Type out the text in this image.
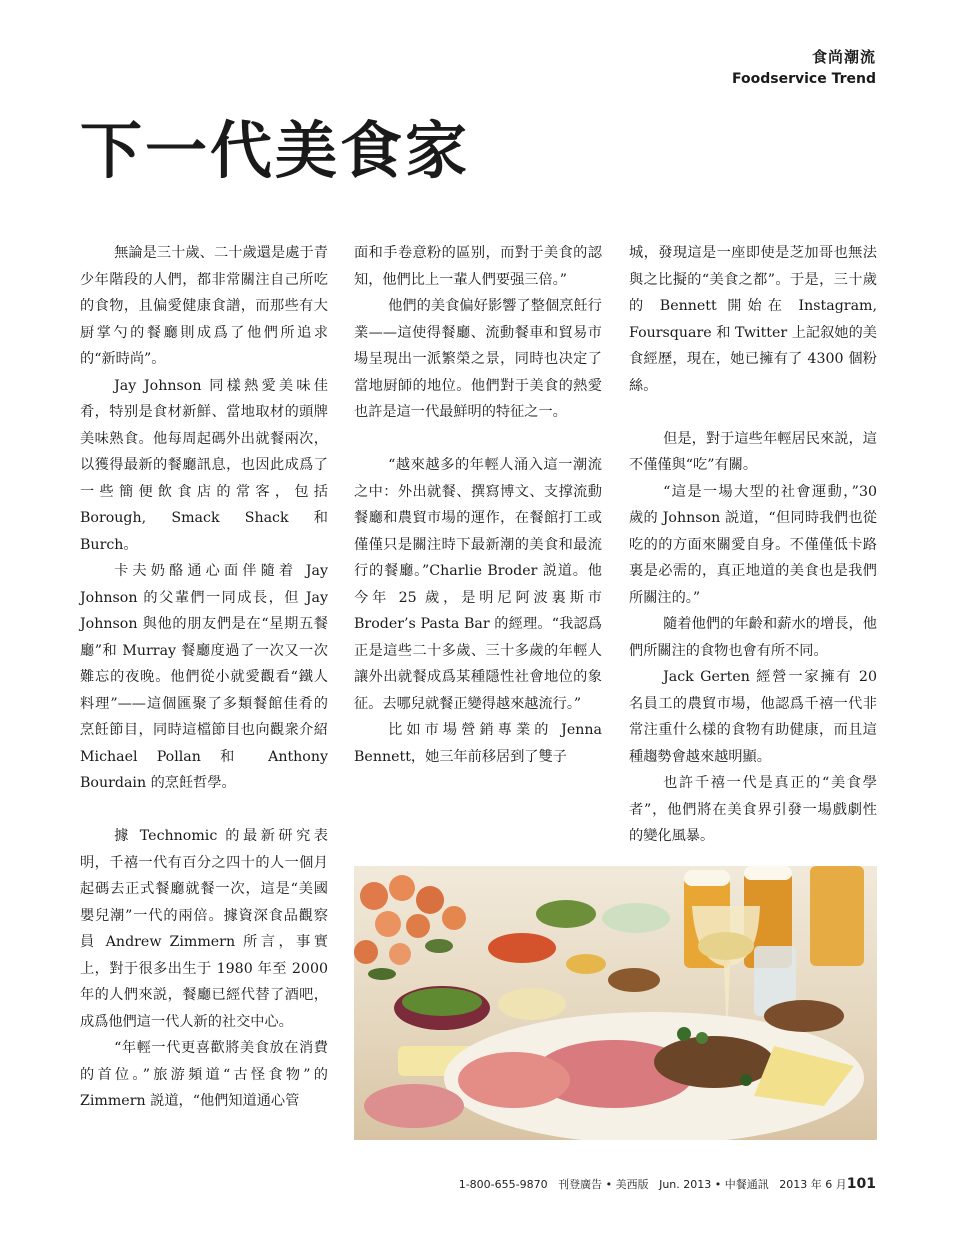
食尚潮流
Foodservice Trend
下一代美食家

無論是三十歲、二十歲還是處于青少年階段的人們，都非常關注自己所吃的食物，且偏愛健康食譜，而那些有大厨掌勺的餐廳則成爲了他們所追求的“新時尚”。

Jay Johnson 同樣熱愛美味佳肴，特别是食材新鮮、當地取材的頭牌美味熟食。他每周起碼外出就餐兩次，以獲得最新的餐廳訊息，也因此成爲了一些簡便飲食店的常客，包括 Borough, Smack Shack 和 Burch。

卡夫奶酪通心面伴隨着 Jay Johnson 的父輩們一同成長，但 Jay Johnson 與他的朋友們是在“星期五餐廳”和 Murray 餐廳度過了一次又一次難忘的夜晚。他們從小就愛觀看“鐵人料理”——這個匯聚了多類餐館佳肴的烹飪節目，同時這檔節目也向觀衆介紹 Michael Pollan 和 Anthony Bourdain 的烹飪哲學。

據 Technomic 的最新研究表明，千禧一代有百分之四十的人一個月起碼去正式餐廳就餐一次，這是“美國嬰兒潮”一代的兩倍。據資深食品觀察員 Andrew Zimmern 所言，事實上，對于很多出生于 1980 年至 2000 年的人們來説，餐廳已經代替了酒吧，成爲他們這一代人新的社交中心。

“年輕一代更喜歡將美食放在消費的首位。”旅游頻道“古怪食物”的 Zimmern 説道，“他們知道通心管

面和手卷意粉的區别，而對于美食的認知，他們比上一輩人們要强三倍。”

他們的美食偏好影響了整個烹飪行業——這使得餐廳、流動餐車和貿易市場呈現出一派繁榮之景，同時也决定了當地厨師的地位。他們對于美食的熱愛也許是這一代最鮮明的特征之一。

“越來越多的年輕人涌入這一潮流之中：外出就餐、撰寫博文、支撑流動餐廳和農貿市場的運作，在餐館打工或僅僅只是關注時下最新潮的美食和最流行的餐廳。”Charlie Broder 説道。他今年 25 歲，是明尼阿波裏斯市 Broder’s Pasta Bar 的經理。“我認爲正是這些二十多歲、三十多歲的年輕人讓外出就餐成爲某種隱性社會地位的象征。去哪兒就餐正變得越來越流行。”

比如市場營銷專業的 Jenna Bennett，她三年前移居到了雙子

城，發現這是一座即使是芝加哥也無法與之比擬的“美食之都”。于是，三十歲的 Bennett 開始在 Instagram, Foursquare 和 Twitter 上記叙她的美食經歷，現在，她已擁有了 4300 個粉絲。

但是，對于這些年輕居民來説，這不僅僅與“吃”有關。

“這是一場大型的社會運動，”30 歲的 Johnson 説道，“但同時我們也從吃的的方面來關愛自身。不僅僅低卡路裏是必需的，真正地道的美食也是我們所關注的。”

隨着他們的年齡和薪水的增長，他們所關注的食物也會有所不同。

Jack Gerten 經營一家擁有 20 名員工的農貿市場，他認爲千禧一代非常注重什么樣的食物有助健康，而且這種趨勢會越來越明顯。

也許千禧一代是真正的“美食學者”，他們將在美食界引發一場戲劇性的變化風暴。

1-800-655-9870 刊登廣告 • 美西版 Jun. 2013 • 中餐通訊 2013 年 6 月101
